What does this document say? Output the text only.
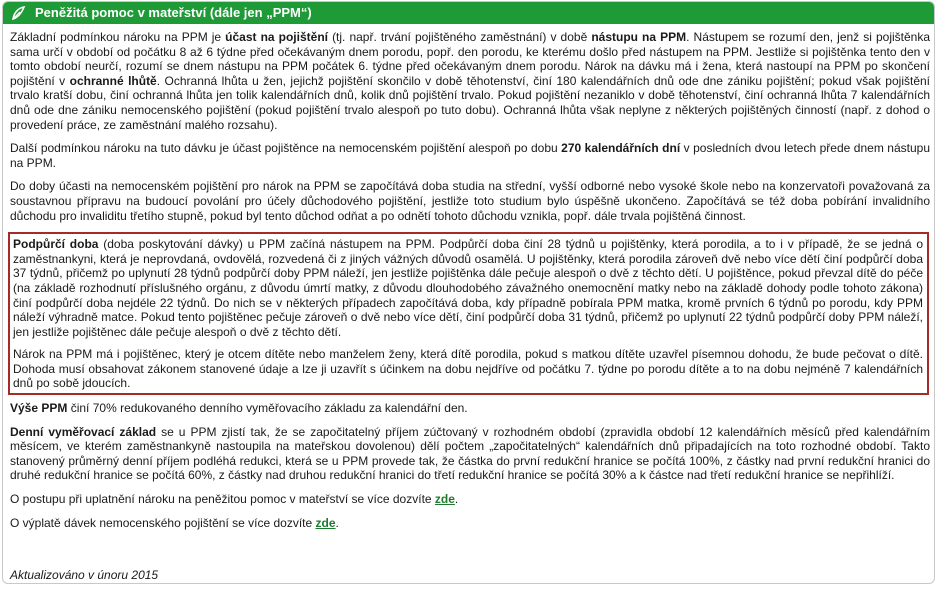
Peněžitá pomoc v mateřství (dále jen „PPM“)

Základní podmínkou nároku na PPM je účast na pojištění (tj. např. trvání pojištěného zaměstnání) v době nástupu na PPM. Nástupem se rozumí den, jenž si pojištěnka sama určí v období od počátku 8 až 6 týdne před očekávaným dnem porodu, popř. den porodu, ke kterému došlo před nástupem na PPM. Jestliže si pojištěnka tento den v tomto období neurčí, rozumí se dnem nástupu na PPM počátek 6. týdne před očekávaným dnem porodu. Nárok na dávku má i žena, která nastoupí na PPM po skončení pojištění v ochranné lhůtě. Ochranná lhůta u žen, jejichž pojištění skončilo v době těhotenství, činí 180 kalendářních dnů ode dne zániku pojištění; pokud však pojištění trvalo kratší dobu, činí ochranná lhůta jen tolik kalendářních dnů, kolik dnů pojištění trvalo. Pokud pojištění nezaniklo v době těhotenství, činí ochranná lhůta 7 kalendářních dnů ode dne zániku nemocenského pojištění (pokud pojištění trvalo alespoň po tuto dobu). Ochranná lhůta však neplyne z některých pojištěných činností (např. z dohod o provedení práce, ze zaměstnání malého rozsahu).

Další podmínkou nároku na tuto dávku je účast pojištěnce na nemocenském pojištění alespoň po dobu 270 kalendářních dní v posledních dvou letech přede dnem nástupu na PPM.

Do doby účasti na nemocenském pojištění pro nárok na PPM se započítává doba studia na střední, vyšší odborné nebo vysoké škole nebo na konzervatoři považovaná za soustavnou přípravu na budoucí povolání pro účely důchodového pojištění, jestliže toto studium bylo úspěšně ukončeno. Započítává se též doba pobírání invalidního důchodu pro invaliditu třetího stupně, pokud byl tento důchod odňat a po odnětí tohoto důchodu vznikla, popř. dále trvala pojištěná činnost.

Podpůrčí doba (doba poskytování dávky) u PPM začíná nástupem na PPM. Podpůrčí doba činí 28 týdnů u pojištěnky, která porodila, a to i v případě, že se jedná o zaměstnankyni, která je neprovdaná, ovdovělá, rozvedená či z jiných vážných důvodů osamělá. U pojištěnky, která porodila zároveň dvě nebo více dětí činí podpůrčí doba 37 týdnů, přičemž po uplynutí 28 týdnů podpůrčí doby PPM náleží, jen jestliže pojištěnka dále pečuje alespoň o dvě z těchto dětí. U pojištěnce, pokud převzal dítě do péče (na základě rozhodnutí příslušného orgánu, z důvodu úmrtí matky, z důvodu dlouhodobého závažného onemocnění matky nebo na základě dohody podle tohoto zákona) činí podpůrčí doba nejdéle 22 týdnů. Do nich se v některých případech započítává doba, kdy případně pobírala PPM matka, kromě prvních 6 týdnů po porodu, kdy PPM náleží výhradně matce. Pokud tento pojištěnec pečuje zároveň o dvě nebo více dětí, činí podpůrčí doba 31 týdnů, přičemž po uplynutí 22 týdnů podpůrčí doby PPM náleží, jen jestliže pojištěnec dále pečuje alespoň o dvě z těchto dětí.

Nárok na PPM má i pojištěnec, který je otcem dítěte nebo manželem ženy, která dítě porodila, pokud s matkou dítěte uzavřel písemnou dohodu, že bude pečovat o dítě. Dohoda musí obsahovat zákonem stanovené údaje a lze ji uzavřít s účinkem na dobu nejdříve od počátku 7. týdne po porodu dítěte a to na dobu nejméně 7 kalendářních dnů po sobě jdoucích.

Výše PPM činí 70% redukovaného denního vyměřovacího základu za kalendářní den.

Denní vyměřovací základ se u PPM zjistí tak, že se započitatelný příjem zúčtovaný v rozhodném období (zpravidla období 12 kalendářních měsíců před kalendářním měsícem, ve kterém zaměstnankyně nastoupila na mateřskou dovolenou) dělí počtem „započitatelných“ kalendářních dnů připadajících na toto rozhodné období. Takto stanovený průměrný denní příjem podléhá redukci, která se u PPM provede tak, že částka do první redukční hranice se počítá 100%, z částky nad první redukční hranici do druhé redukční hranice se počítá 60%, z částky nad druhou redukční hranici do třetí redukční hranice se počítá 30% a k částce nad třetí redukční hranice se nepřihlíží.

O postupu při uplatnění nároku na peněžitou pomoc v mateřství se více dozvíte zde.

O výplatě dávek nemocenského pojištění se více dozvíte zde.

Aktualizováno v únoru 2015
